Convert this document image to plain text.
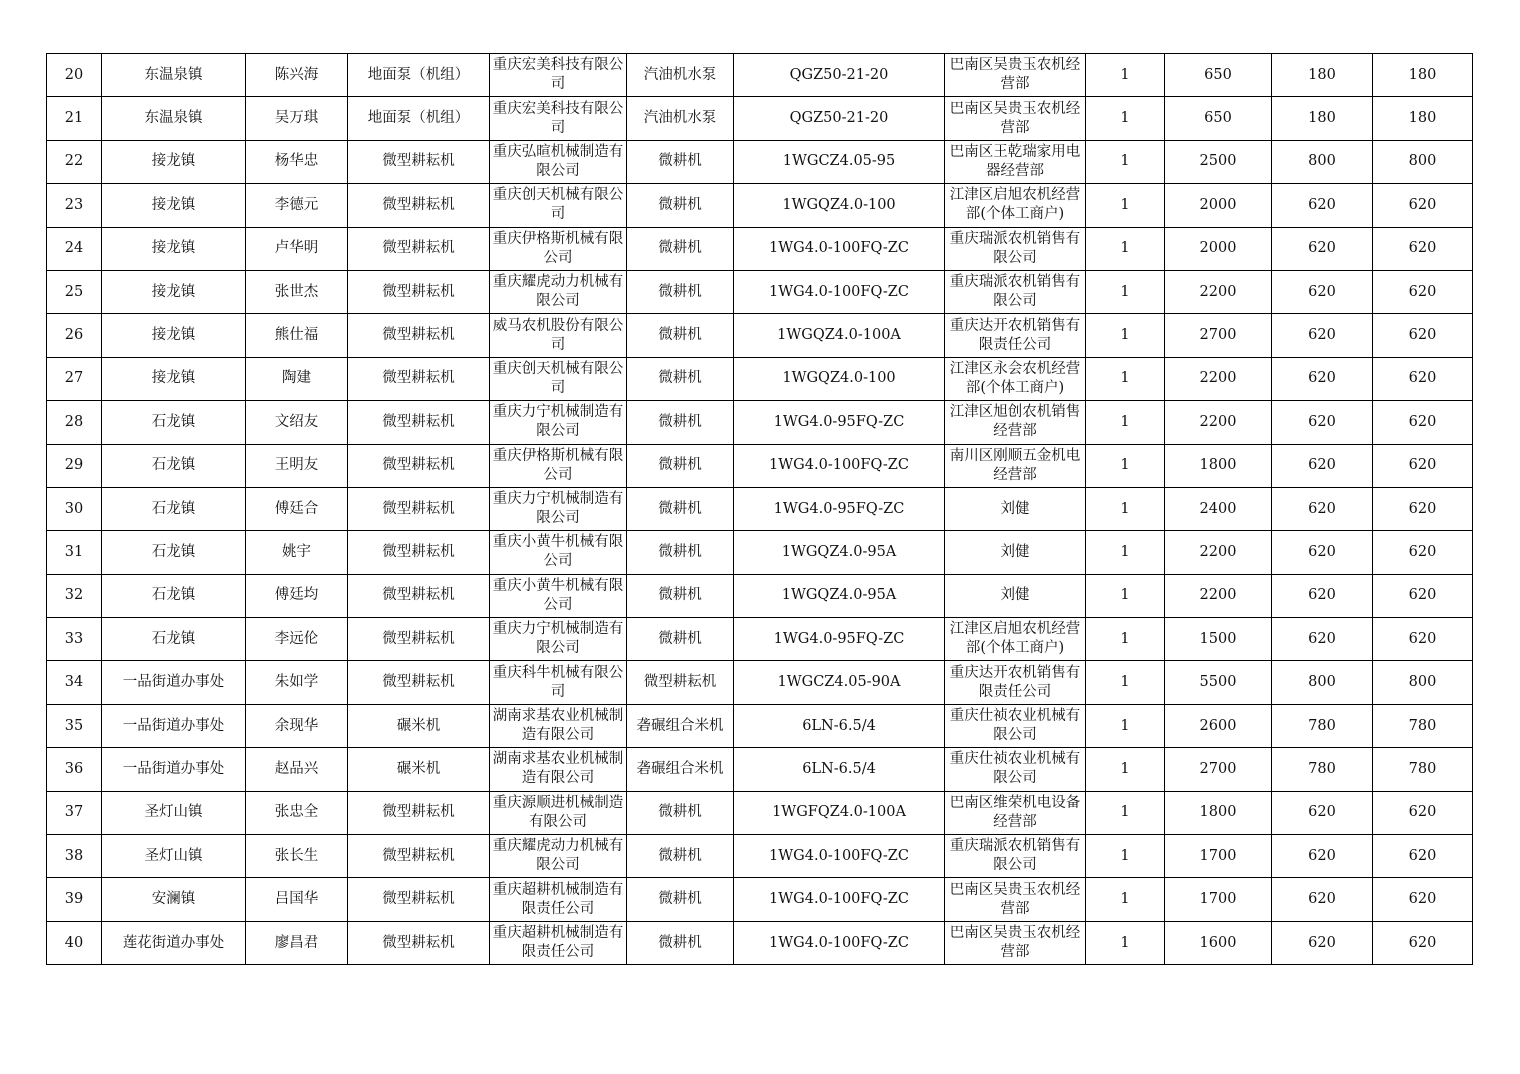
20	东温泉镇	陈兴海	地面泵（机组）	重庆宏美科技有限公司	汽油机水泵	QGZ50-21-20	巴南区吴贵玉农机经营部	1	650	180	180
21	东温泉镇	吴万琪	地面泵（机组）	重庆宏美科技有限公司	汽油机水泵	QGZ50-21-20	巴南区吴贵玉农机经营部	1	650	180	180
22	接龙镇	杨华忠	微型耕耘机	重庆弘暄机械制造有限公司	微耕机	1WGCZ4.05-95	巴南区王乾瑞家用电器经营部	1	2500	800	800
23	接龙镇	李德元	微型耕耘机	重庆创天机械有限公司	微耕机	1WGQZ4.0-100	江津区启旭农机经营部(个体工商户)	1	2000	620	620
24	接龙镇	卢华明	微型耕耘机	重庆伊格斯机械有限公司	微耕机	1WG4.0-100FQ-ZC	重庆瑞派农机销售有限公司	1	2000	620	620
25	接龙镇	张世杰	微型耕耘机	重庆耀虎动力机械有限公司	微耕机	1WG4.0-100FQ-ZC	重庆瑞派农机销售有限公司	1	2200	620	620
26	接龙镇	熊仕福	微型耕耘机	威马农机股份有限公司	微耕机	1WGQZ4.0-100A	重庆达开农机销售有限责任公司	1	2700	620	620
27	接龙镇	陶建	微型耕耘机	重庆创天机械有限公司	微耕机	1WGQZ4.0-100	江津区永会农机经营部(个体工商户)	1	2200	620	620
28	石龙镇	文绍友	微型耕耘机	重庆力宁机械制造有限公司	微耕机	1WG4.0-95FQ-ZC	江津区旭创农机销售经营部	1	2200	620	620
29	石龙镇	王明友	微型耕耘机	重庆伊格斯机械有限公司	微耕机	1WG4.0-100FQ-ZC	南川区刚顺五金机电经营部	1	1800	620	620
30	石龙镇	傅廷合	微型耕耘机	重庆力宁机械制造有限公司	微耕机	1WG4.0-95FQ-ZC	刘健	1	2400	620	620
31	石龙镇	姚宇	微型耕耘机	重庆小黄牛机械有限公司	微耕机	1WGQZ4.0-95A	刘健	1	2200	620	620
32	石龙镇	傅廷均	微型耕耘机	重庆小黄牛机械有限公司	微耕机	1WGQZ4.0-95A	刘健	1	2200	620	620
33	石龙镇	李远伦	微型耕耘机	重庆力宁机械制造有限公司	微耕机	1WG4.0-95FQ-ZC	江津区启旭农机经营部(个体工商户)	1	1500	620	620
34	一品街道办事处	朱如学	微型耕耘机	重庆科牛机械有限公司	微型耕耘机	1WGCZ4.05-90A	重庆达开农机销售有限责任公司	1	5500	800	800
35	一品街道办事处	余现华	碾米机	湖南求基农业机械制造有限公司	砻碾组合米机	6LN-6.5/4	重庆仕祯农业机械有限公司	1	2600	780	780
36	一品街道办事处	赵品兴	碾米机	湖南求基农业机械制造有限公司	砻碾组合米机	6LN-6.5/4	重庆仕祯农业机械有限公司	1	2700	780	780
37	圣灯山镇	张忠全	微型耕耘机	重庆源顺进机械制造有限公司	微耕机	1WGFQZ4.0-100A	巴南区维荣机电设备经营部	1	1800	620	620
38	圣灯山镇	张长生	微型耕耘机	重庆耀虎动力机械有限公司	微耕机	1WG4.0-100FQ-ZC	重庆瑞派农机销售有限公司	1	1700	620	620
39	安澜镇	吕国华	微型耕耘机	重庆超耕机械制造有限责任公司	微耕机	1WG4.0-100FQ-ZC	巴南区吴贵玉农机经营部	1	1700	620	620
40	莲花街道办事处	廖昌君	微型耕耘机	重庆超耕机械制造有限责任公司	微耕机	1WG4.0-100FQ-ZC	巴南区吴贵玉农机经营部	1	1600	620	620
